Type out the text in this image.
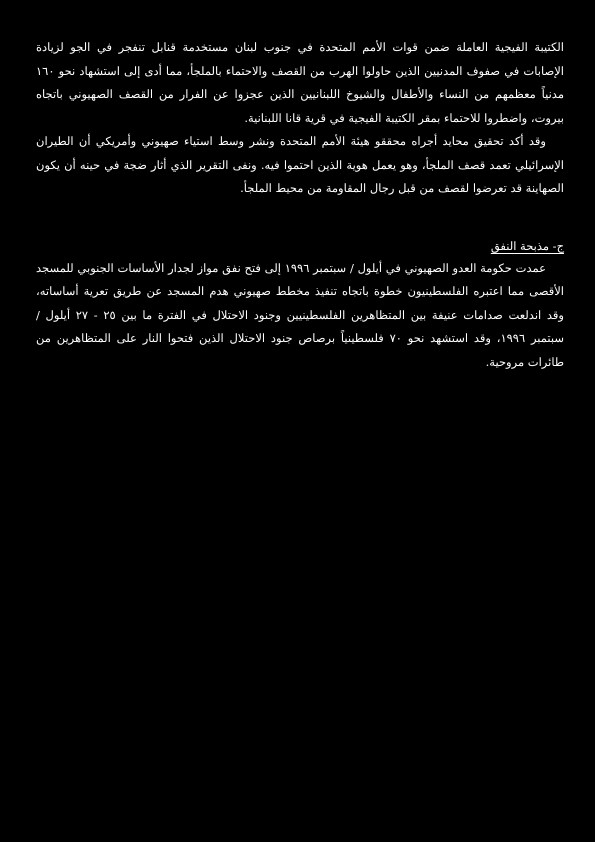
الكتيبة الفيجية العاملة ضمن قوات الأمم المتحدة في جنوب لبنان مستخدمة قنابل تنفجر في الجو لزيادة الإصابات في صفوف المدنيين الذين حاولوا الهرب من القصف والاحتماء بالملجأ، مما أدى إلى استشهاد نحو ١٦٠ مدنياً معظمهم من النساء والأطفال والشيوخ اللبنانيين الذين عجزوا عن الفرار من القصف الصهيوني باتجاه بيروت، واضطروا للاحتماء بمقر الكتيبة الفيجية في قرية قانا اللبنانية.

وقد أكد تحقيق محايد أجراه محققو هيئة الأمم المتحدة ونشر وسط استياء صهيوني وأمريكي أن الطيران الإسرائيلي تعمد قصف الملجأ، وهو يعمل هوية الذين احتموا فيه. ونفى التقرير الذي أثار ضجة في حينه أن يكون الصهاينة قد تعرضوا لقصف من قبل رجال المقاومة من محيط الملجأ.

ج- مذبحة النفق

عمدت حكومة العدو الصهيوني في أيلول / سبتمبر ١٩٩٦ إلى فتح نفق مواز لجدار الأساسات الجنوبي للمسجد الأقصى مما اعتبره الفلسطينيون خطوة باتجاه تنفيذ مخطط صهيوني هدم المسجد عن طريق تعرية أساساته، وقد اندلعت صدامات عنيفة بين المتظاهرين الفلسطينيين وجنود الاحتلال في الفترة ما بين ٢٥ - ٢٧ أيلول / سبتمبر ١٩٩٦، وقد استشهد نحو ٧٠ فلسطينياً برصاص جنود الاحتلال الذين فتحوا النار على المتظاهرين من طائرات مروحية.
